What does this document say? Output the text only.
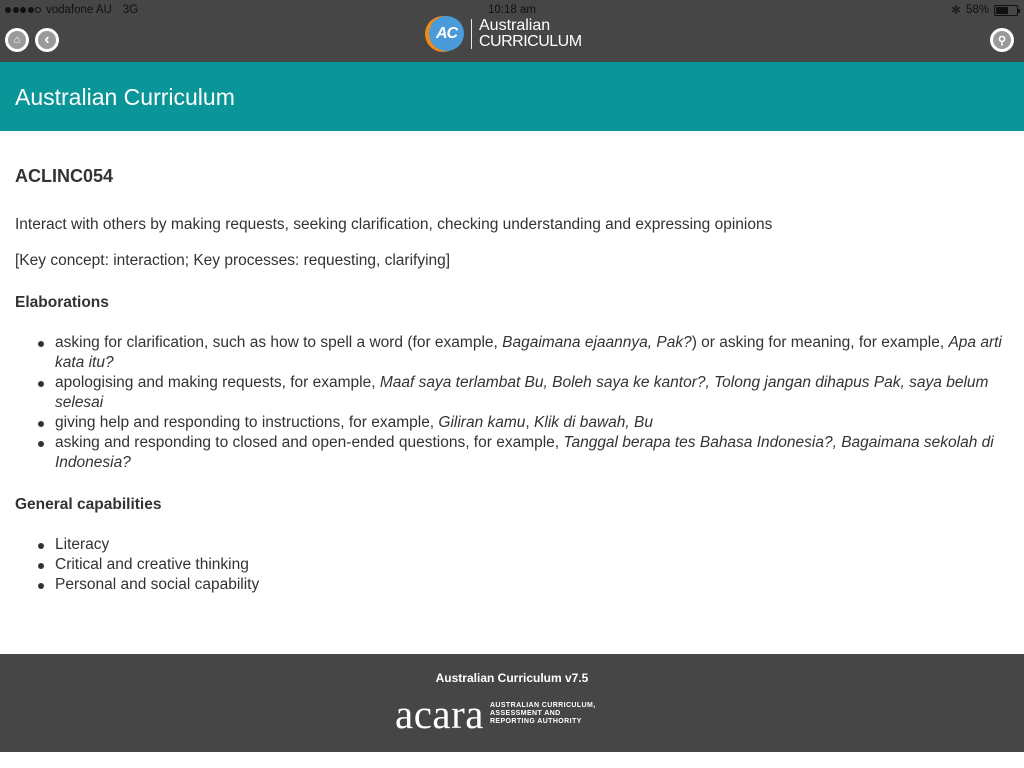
vodafone AU 3G	10:18 am	✱ 58%
⌂	‹	AC	Australian
CURRICULUM	⚲
Australian Curriculum
ACLINC054

Interact with others by making requests, seeking clarification, checking understanding and expressing opinions

[Key concept: interaction; Key processes: requesting, clarifying]

Elaborations
asking for clarification, such as how to spell a word (for example, Bagaimana ejaannya, Pak?) or asking for meaning, for example, Apa arti kata itu?
apologising and making requests, for example, Maaf saya terlambat Bu, Boleh saya ke kantor?, Tolong jangan dihapus Pak, saya belum selesai
giving help and responding to instructions, for example, Giliran kamu, Klik di bawah, Bu
asking and responding to closed and open-ended questions, for example, Tanggal berapa tes Bahasa Indonesia?, Bagaimana sekolah di Indonesia?
General capabilities
Literacy
Critical and creative thinking
Personal and social capability
Australian Curriculum v7.5
acara AUSTRALIAN CURRICULUM,
ASSESSMENT AND
REPORTING AUTHORITY
